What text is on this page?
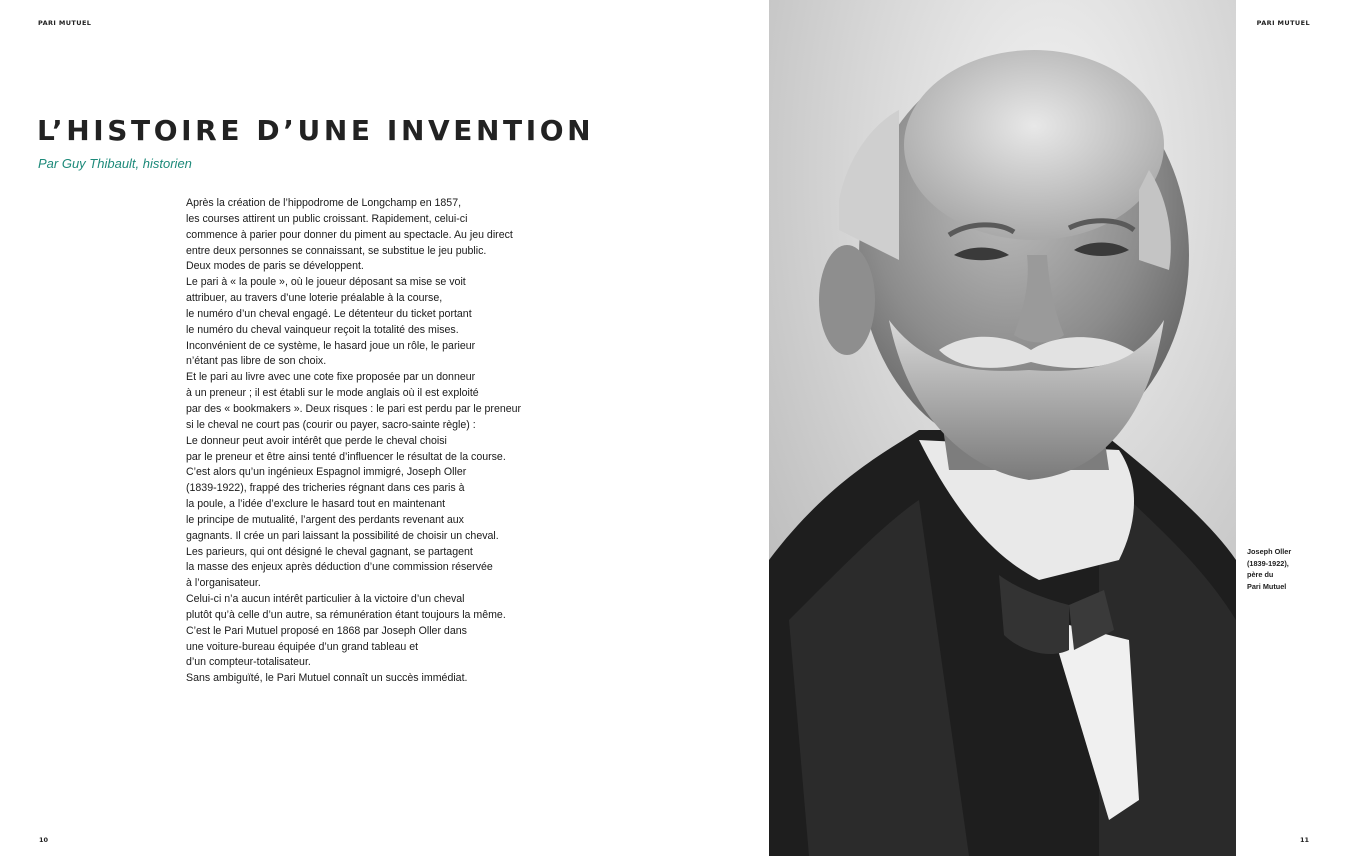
PARI MUTUEL
L’HISTOIRE D’UNE INVENTION

Par Guy Thibault, historien

Après la création de l’hippodrome de Longchamp en 1857,
les courses attirent un public croissant. Rapidement, celui-ci
commence à parier pour donner du piment au spectacle. Au jeu direct
entre deux personnes se connaissant, se substitue le jeu public.
Deux modes de paris se développent.
Le pari à « la poule », où le joueur déposant sa mise se voit
attribuer, au travers d’une loterie préalable à la course,
le numéro d’un cheval engagé. Le détenteur du ticket portant
le numéro du cheval vainqueur reçoit la totalité des mises.
Inconvénient de ce système, le hasard joue un rôle, le parieur
n’étant pas libre de son choix.
Et le pari au livre avec une cote fixe proposée par un donneur
à un preneur ; il est établi sur le mode anglais où il est exploité
par des « bookmakers ». Deux risques : le pari est perdu par le preneur
si le cheval ne court pas (courir ou payer, sacro-sainte règle) :
Le donneur peut avoir intérêt que perde le cheval choisi
par le preneur et être ainsi tenté d’influencer le résultat de la course.
C’est alors qu’un ingénieux Espagnol immigré, Joseph Oller
(1839-1922), frappé des tricheries régnant dans ces paris à
la poule, a l’idée d’exclure le hasard tout en maintenant
le principe de mutualité, l’argent des perdants revenant aux
gagnants. Il crée un pari laissant la possibilité de choisir un cheval.
Les parieurs, qui ont désigné le cheval gagnant, se partagent
la masse des enjeux après déduction d’une commission réservée
à l’organisateur.
Celui-ci n’a aucun intérêt particulier à la victoire d’un cheval
plutôt qu’à celle d’un autre, sa rémunération étant toujours la même.
C’est le Pari Mutuel proposé en 1868 par Joseph Oller dans
une voiture-bureau équipée d’un grand tableau et
d’un compteur-totalisateur.
Sans ambiguïté, le Pari Mutuel connaît un succès immédiat.
10
PARI MUTUEL
Joseph Oller
(1839-1922),
père du
Pari Mutuel
11
